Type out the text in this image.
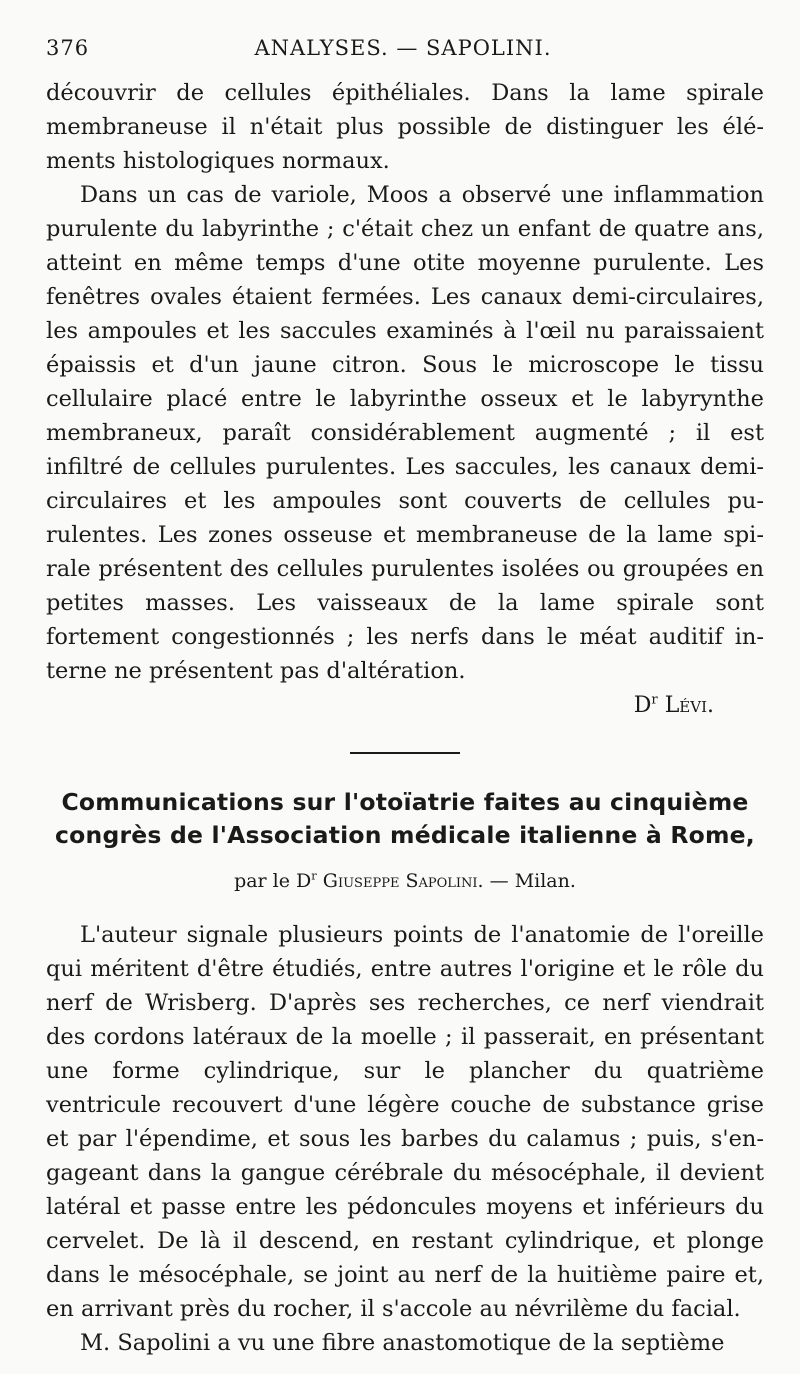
376	ANALYSES. — SAPOLINI.

découvrir de cellules épithéliales. Dans la lame spirale membraneuse il n'était plus possible de distinguer les éléments histologiques normaux.

Dans un cas de variole, Moos a observé une inflammation purulente du labyrinthe ; c'était chez un enfant de quatre ans, atteint en même temps d'une otite moyenne purulente. Les fenêtres ovales étaient fermées. Les canaux demi-circulaires, les ampoules et les saccules examinés à l'œil nu paraissaient épaissis et d'un jaune citron. Sous le microscope le tissu cellulaire placé entre le labyrinthe osseux et le labyrynthe membraneux, paraît considérablement augmenté ; il est infiltré de cellules purulentes. Les saccules, les canaux demi-circulaires et les ampoules sont couverts de cellules purulentes. Les zones osseuse et membraneuse de la lame spirale présentent des cellules purulentes isolées ou groupées en petites masses. Les vaisseaux de la lame spirale sont fortement congestionnés ; les nerfs dans le méat auditif interne ne présentent pas d'altération.

$D^r$ Lévi.

Communications sur l'otoïatrie faites au cinquième
congrès de l'Association médicale italienne à Rome,

par le $D^r$ Giuseppe Sapolini. — Milan.

L'auteur signale plusieurs points de l'anatomie de l'oreille qui méritent d'être étudiés, entre autres l'origine et le rôle du nerf de Wrisberg. D'après ses recherches, ce nerf viendrait des cordons latéraux de la moelle ; il passerait, en présentant une forme cylindrique, sur le plancher du quatrième ventricule recouvert d'une légère couche de substance grise et par l'épendime, et sous les barbes du calamus ; puis, s'engageant dans la gangue cérébrale du mésocéphale, il devient latéral et passe entre les pédoncules moyens et inférieurs du cervelet. De là il descend, en restant cylindrique, et plonge dans le mésocéphale, se joint au nerf de la huitième paire et, en arrivant près du rocher, il s'accole au névrilème du facial.

M. Sapolini a vu une fibre anastomotique de la septième
